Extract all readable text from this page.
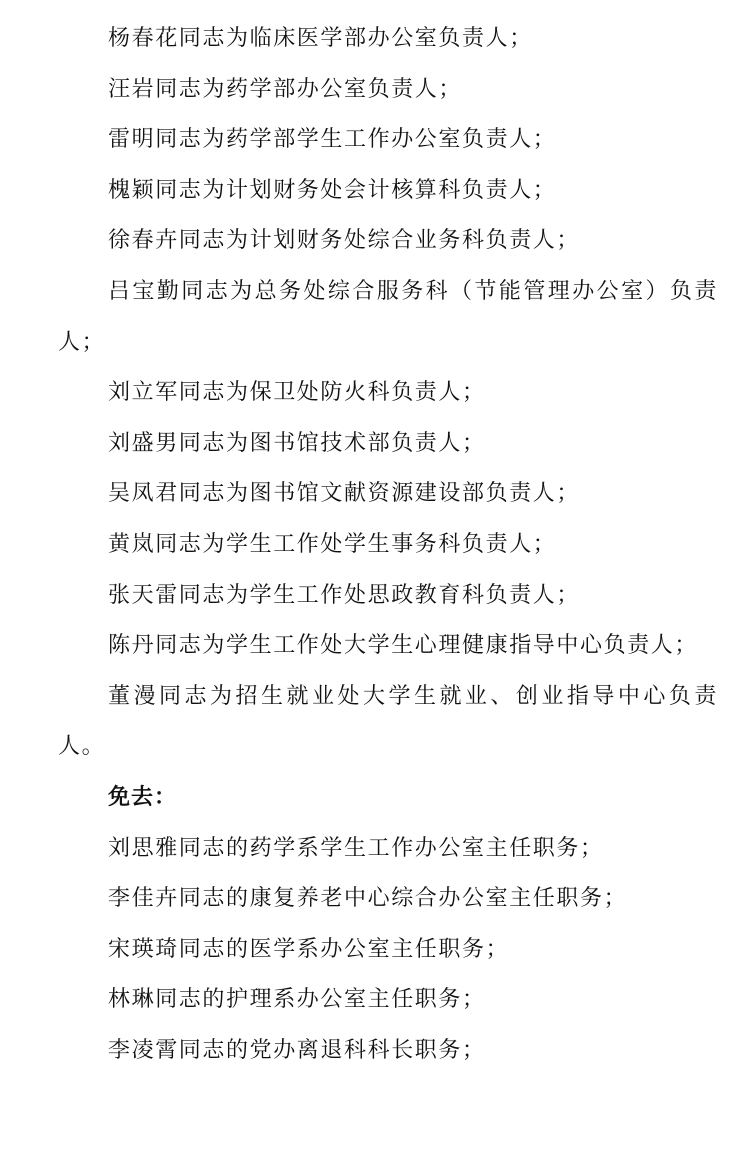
杨春花同志为临床医学部办公室负责人；

汪岩同志为药学部办公室负责人；

雷明同志为药学部学生工作办公室负责人；

槐颖同志为计划财务处会计核算科负责人；

徐春卉同志为计划财务处综合业务科负责人；

吕宝勤同志为总务处综合服务科（节能管理办公室）负责人；

刘立军同志为保卫处防火科负责人；

刘盛男同志为图书馆技术部负责人；

吴凤君同志为图书馆文献资源建设部负责人；

黄岚同志为学生工作处学生事务科负责人；

张天雷同志为学生工作处思政教育科负责人；

陈丹同志为学生工作处大学生心理健康指导中心负责人；

董漫同志为招生就业处大学生就业、创业指导中心负责人。

免去：

刘思雅同志的药学系学生工作办公室主任职务；

李佳卉同志的康复养老中心综合办公室主任职务；

宋瑛琦同志的医学系办公室主任职务；

林琳同志的护理系办公室主任职务；

李凌霄同志的党办离退科科长职务；
